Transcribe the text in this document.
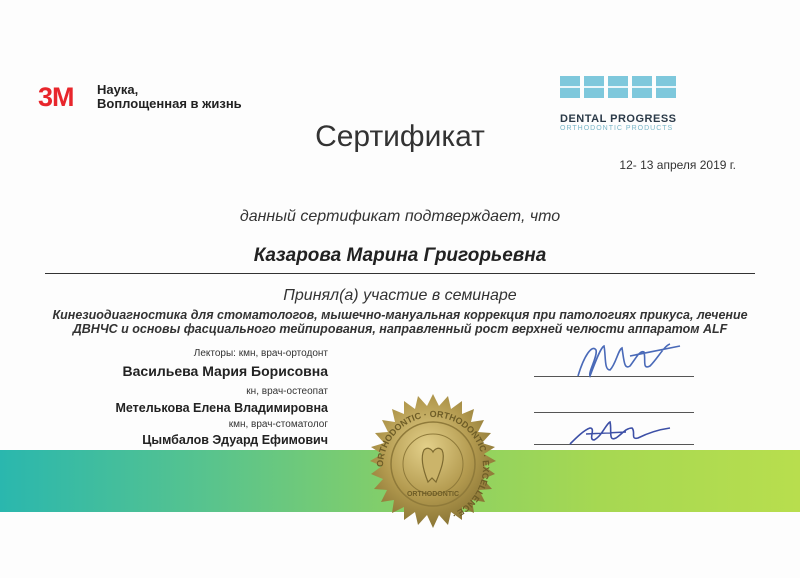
3M Наука,
Воплощенная в жизнь
DENTAL PROGRESS
ORTHODONTIC PRODUCTS
Сертификат
12- 13 апреля 2019 г.
данный сертификат подтверждает, что
Казарова Марина Григорьевна
Принял(а) участие в семинаре
Кинезиодиагностика для стоматологов, мышечно-мануальная коррекция при патологиях прикуса, лечение
ДВНЧС и основы фасциального тейпирования, направленный рост верхней челюсти аппаратом ALF
Лекторы: кмн, врач-ортодонт
Васильева Мария Борисовна
кн, врач-остеопат
Метелькова Елена Владимировна
кмн, врач-стоматолог
Цымбалов Эдуард Ефимович
ORTHODONTIC · ORTHODONTIC · EXCELLENCE ·
ORTHODONTIC
